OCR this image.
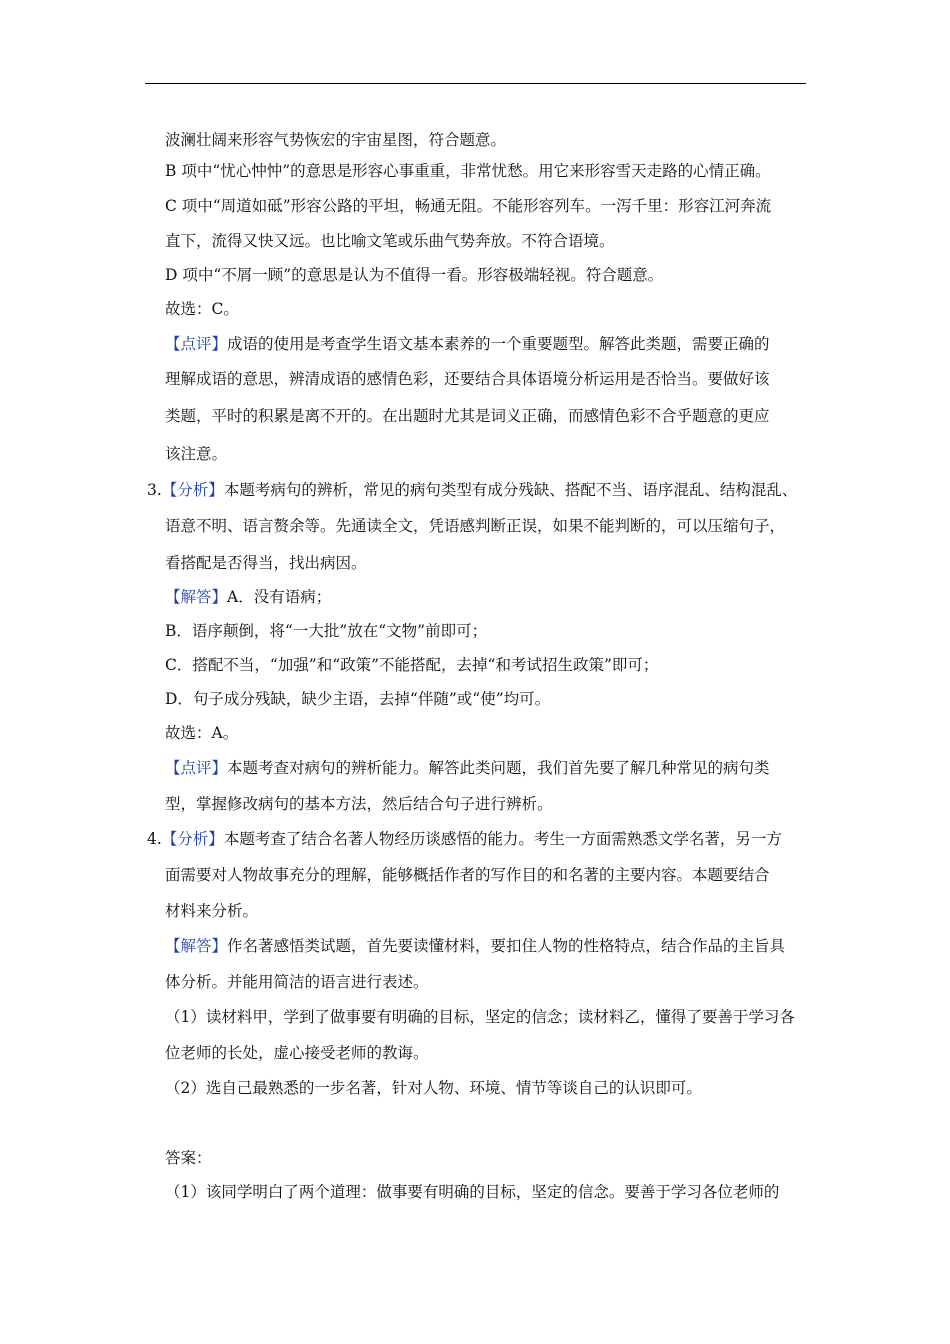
波澜壮阔来形容气势恢宏的宇宙星图，符合题意。
B 项中“忧心忡忡”的意思是形容心事重重，非常忧愁。用它来形容雪天走路的心情正确。
C 项中“周道如砥”形容公路的平坦，畅通无阻。不能形容列车。一泻千里：形容江河奔流
直下，流得又快又远。也比喻文笔或乐曲气势奔放。不符合语境。
D 项中“不屑一顾”的意思是认为不值得一看。形容极端轻视。符合题意。
故选：C。
【点评】成语的使用是考查学生语文基本素养的一个重要题型。解答此类题，需要正确的
理解成语的意思，辨清成语的感情色彩，还要结合具体语境分析运用是否恰当。要做好该
类题，平时的积累是离不开的。在出题时尤其是词义正确，而感情色彩不合乎题意的更应
该注意。
3.【分析】本题考病句的辨析，常见的病句类型有成分残缺、搭配不当、语序混乱、结构混乱、
语意不明、语言赘余等。先通读全文，凭语感判断正误，如果不能判断的，可以压缩句子，
看搭配是否得当，找出病因。
【解答】A．没有语病；
B．语序颠倒，将“一大批”放在“文物”前即可；
C．搭配不当，“加强”和“政策”不能搭配，去掉“和考试招生政策”即可；
D．句子成分残缺，缺少主语，去掉“伴随”或“使”均可。
故选：A。
【点评】本题考查对病句的辨析能力。解答此类问题，我们首先要了解几种常见的病句类
型，掌握修改病句的基本方法，然后结合句子进行辨析。
4.【分析】本题考查了结合名著人物经历谈感悟的能力。考生一方面需熟悉文学名著，另一方
面需要对人物故事充分的理解，能够概括作者的写作目的和名著的主要内容。本题要结合
材料来分析。
【解答】作名著感悟类试题，首先要读懂材料，要扣住人物的性格特点，结合作品的主旨具
体分析。并能用简洁的语言进行表述。
（1）读材料甲，学到了做事要有明确的目标，坚定的信念；读材料乙，懂得了要善于学习各
位老师的长处，虚心接受老师的教诲。
（2）选自己最熟悉的一步名著，针对人物、环境、情节等谈自己的认识即可。
答案：
（1）该同学明白了两个道理：做事要有明确的目标，坚定的信念。要善于学习各位老师的
